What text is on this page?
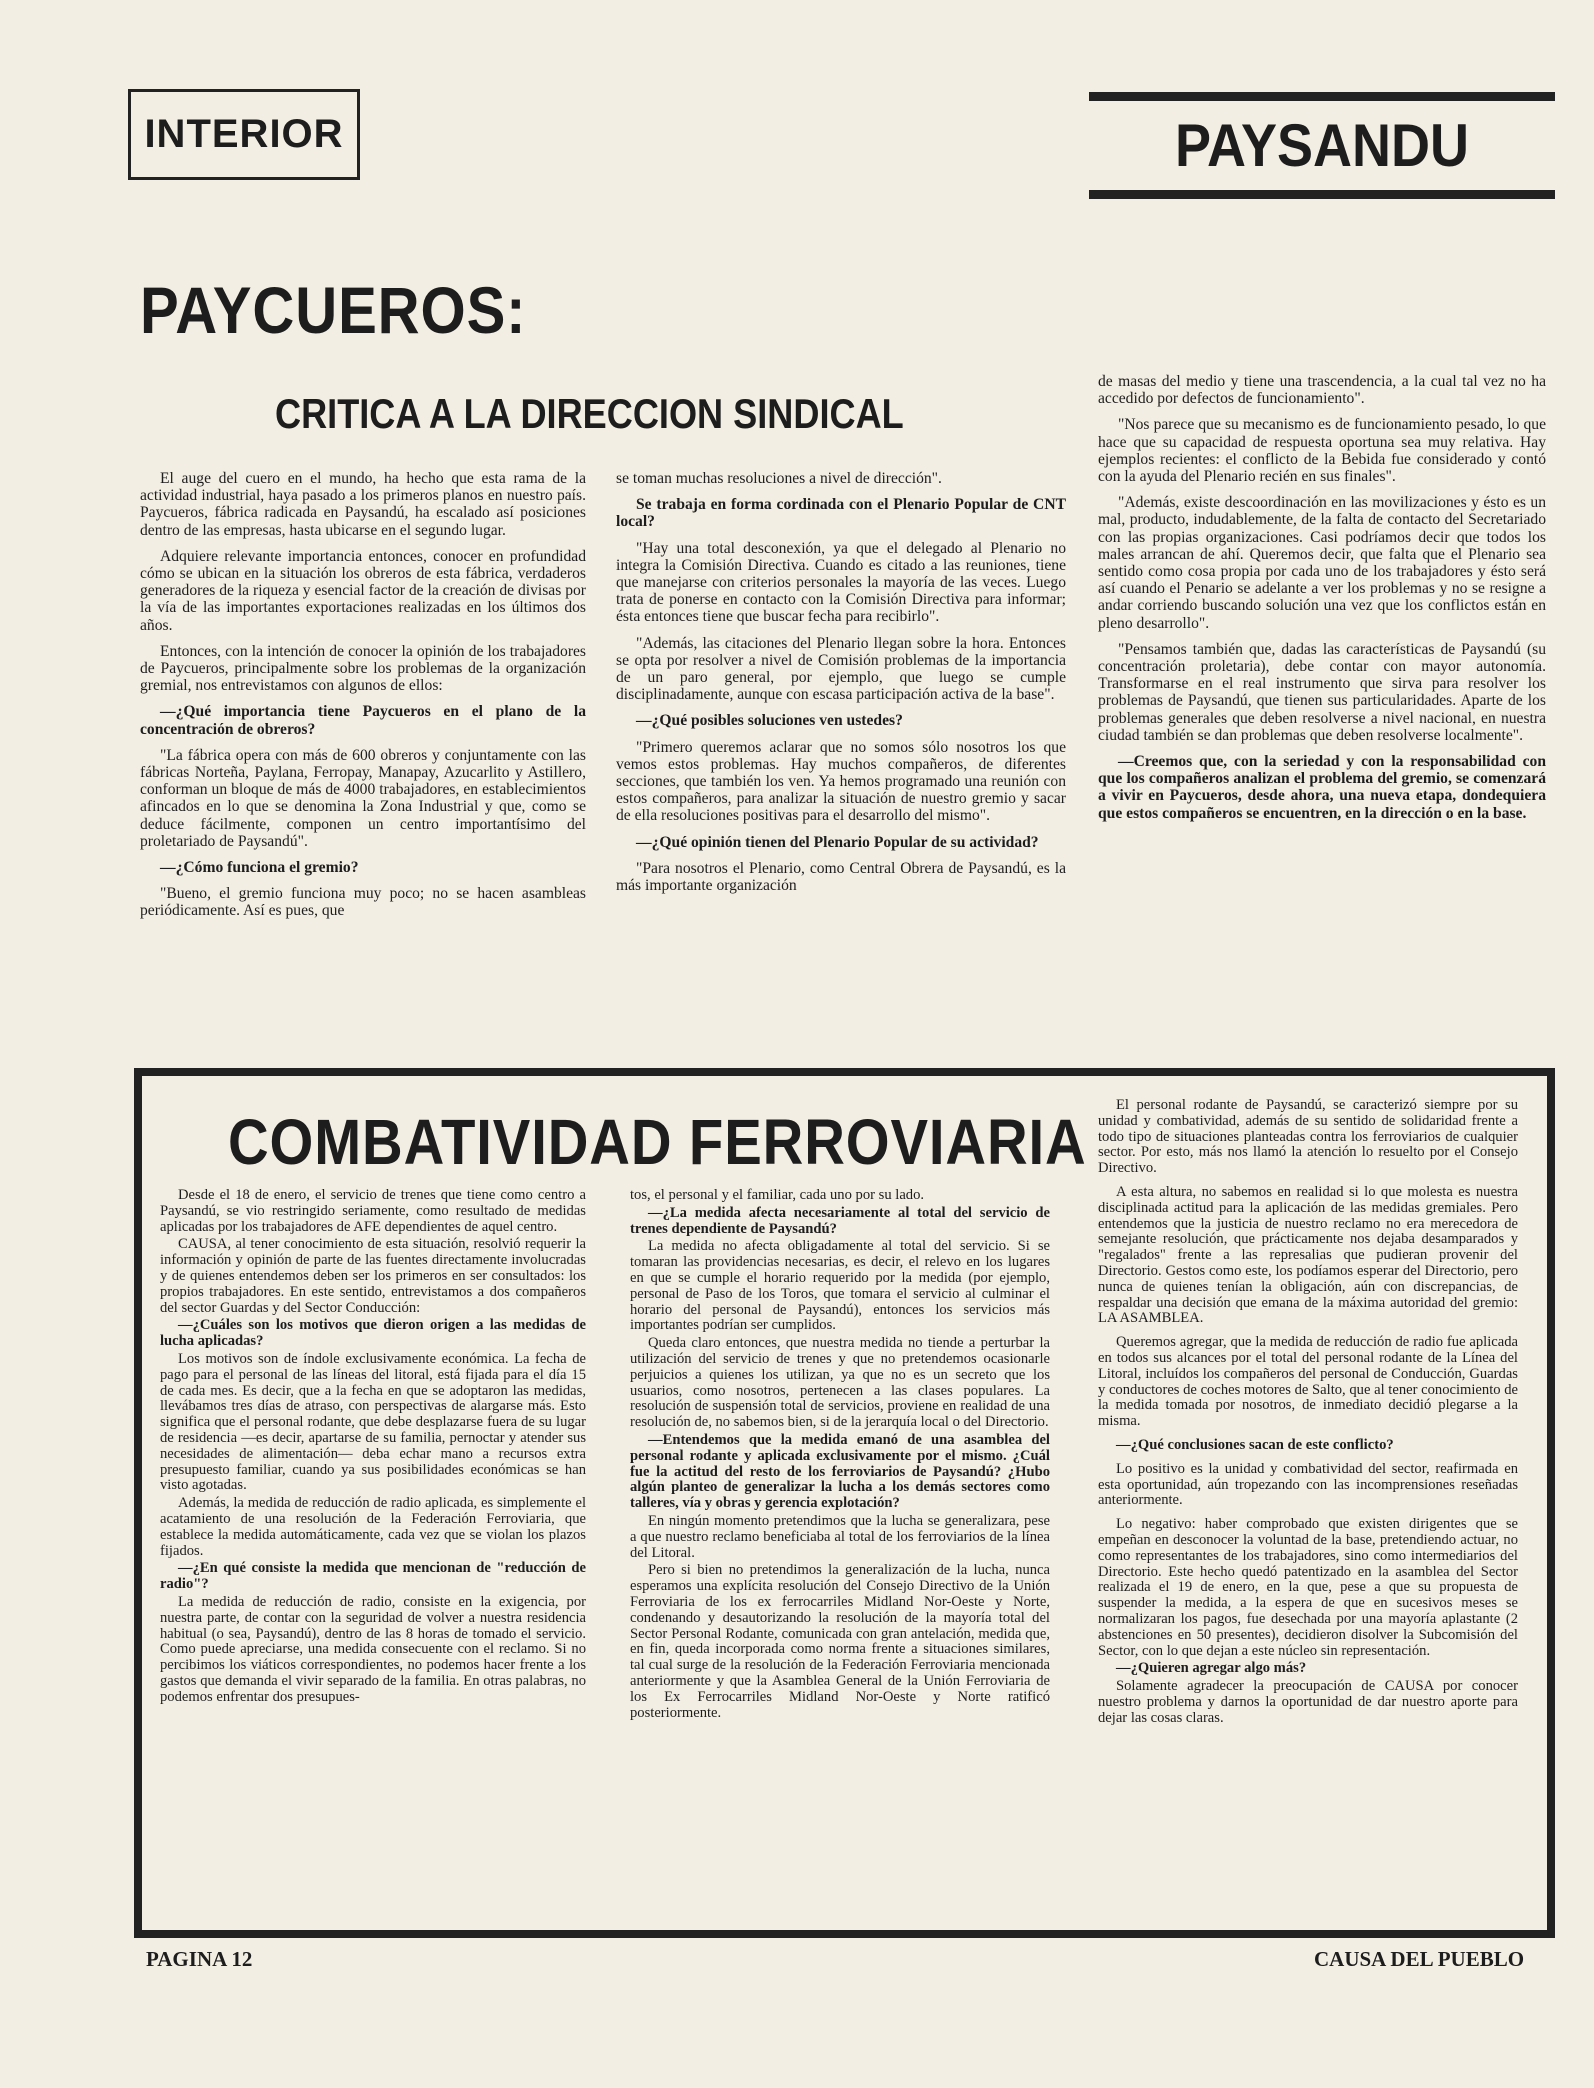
INTERIOR	PAYSANDU
PAYCUEROS:
CRITICA A LA DIRECCION SINDICAL

El auge del cuero en el mundo, ha hecho que esta rama de la actividad industrial, haya pasado a los primeros planos en nuestro país. Paycueros, fábrica radicada en Paysandú, ha escalado así posiciones dentro de las empresas, hasta ubicarse en el segundo lugar.

Adquiere relevante importancia entonces, conocer en profundidad cómo se ubican en la situación los obreros de esta fábrica, verdaderos generadores de la riqueza y esencial factor de la creación de divisas por la vía de las importantes exportaciones realizadas en los últimos dos años.

Entonces, con la intención de conocer la opinión de los trabajadores de Paycueros, principalmente sobre los problemas de la organización gremial, nos entrevistamos con algunos de ellos:

—¿Qué importancia tiene Paycueros en el plano de la concentración de obreros?

"La fábrica opera con más de 600 obreros y conjuntamente con las fábricas Norteña, Paylana, Ferropay, Manapay, Azucarlito y Astillero, conforman un bloque de más de 4000 trabajadores, en establecimientos afincados en lo que se denomina la Zona Industrial y que, como se deduce fácilmente, componen un centro importantísimo del proletariado de Paysandú".

—¿Cómo funciona el gremio?

"Bueno, el gremio funciona muy poco; no se hacen asambleas periódicamente. Así es pues, que

se toman muchas resoluciones a nivel de dirección".

Se trabaja en forma cordinada con el Plenario Popular de CNT local?

"Hay una total desconexión, ya que el delegado al Plenario no integra la Comisión Directiva. Cuando es citado a las reuniones, tiene que manejarse con criterios personales la mayoría de las veces. Luego trata de ponerse en contacto con la Comisión Directiva para informar; ésta entonces tiene que buscar fecha para recibirlo".

"Además, las citaciones del Plenario llegan sobre la hora. Entonces se opta por resolver a nivel de Comisión problemas de la importancia de un paro general, por ejemplo, que luego se cumple disciplinadamente, aunque con escasa participación activa de la base".

—¿Qué posibles soluciones ven ustedes?

"Primero queremos aclarar que no somos sólo nosotros los que vemos estos problemas. Hay muchos compañeros, de diferentes secciones, que también los ven. Ya hemos programado una reunión con estos compañeros, para analizar la situación de nuestro gremio y sacar de ella resoluciones positivas para el desarrollo del mismo".

—¿Qué opinión tienen del Plenario Popular de su actividad?

"Para nosotros el Plenario, como Central Obrera de Paysandú, es la más importante organización

de masas del medio y tiene una trascendencia, a la cual tal vez no ha accedido por defectos de funcionamiento".

"Nos parece que su mecanismo es de funcionamiento pesado, lo que hace que su capacidad de respuesta oportuna sea muy relativa. Hay ejemplos recientes: el conflicto de la Bebida fue considerado y contó con la ayuda del Plenario recién en sus finales".

"Además, existe descoordinación en las movilizaciones y ésto es un mal, producto, indudablemente, de la falta de contacto del Secretariado con las propias organizaciones. Casi podríamos decir que todos los males arrancan de ahí. Queremos decir, que falta que el Plenario sea sentido como cosa propia por cada uno de los trabajadores y ésto será así cuando el Penario se adelante a ver los problemas y no se resigne a andar corriendo buscando solución una vez que los conflictos están en pleno desarrollo".

"Pensamos también que, dadas las características de Paysandú (su concentración proletaria), debe contar con mayor autonomía. Transformarse en el real instrumento que sirva para resolver los problemas de Paysandú, que tienen sus particularidades. Aparte de los problemas generales que deben resolverse a nivel nacional, en nuestra ciudad también se dan problemas que deben resolverse localmente".

—Creemos que, con la seriedad y con la responsabilidad con que los compañeros analizan el problema del gremio, se comenzará a vivir en Paycueros, desde ahora, una nueva etapa, dondequiera que estos compañeros se encuentren, en la dirección o en la base.

COMBATIVIDAD FERROVIARIA

Desde el 18 de enero, el servicio de trenes que tiene como centro a Paysandú, se vio restringido seriamente, como resultado de medidas aplicadas por los trabajadores de AFE dependientes de aquel centro.

CAUSA, al tener conocimiento de esta situación, resolvió requerir la información y opinión de parte de las fuentes directamente involucradas y de quienes entendemos deben ser los primeros en ser consultados: los propios trabajadores. En este sentido, entrevistamos a dos compañeros del sector Guardas y del Sector Conducción:

—¿Cuáles son los motivos que dieron origen a las medidas de lucha aplicadas?

Los motivos son de índole exclusivamente económica. La fecha de pago para el personal de las líneas del litoral, está fijada para el día 15 de cada mes. Es decir, que a la fecha en que se adoptaron las medidas, llevábamos tres días de atraso, con perspectivas de alargarse más. Esto significa que el personal rodante, que debe desplazarse fuera de su lugar de residencia —es decir, apartarse de su familia, pernoctar y atender sus necesidades de alimentación— deba echar mano a recursos extra presupuesto familiar, cuando ya sus posibilidades económicas se han visto agotadas.

Además, la medida de reducción de radio aplicada, es simplemente el acatamiento de una resolución de la Federación Ferroviaria, que establece la medida automáticamente, cada vez que se violan los plazos fijados.

—¿En qué consiste la medida que mencionan de "reducción de radio"?

La medida de reducción de radio, consiste en la exigencia, por nuestra parte, de contar con la seguridad de volver a nuestra residencia habitual (o sea, Paysandú), dentro de las 8 horas de tomado el servicio. Como puede apreciarse, una medida consecuente con el reclamo. Si no percibimos los viáticos correspondientes, no podemos hacer frente a los gastos que demanda el vivir separado de la familia. En otras palabras, no podemos enfrentar dos presupues-

tos, el personal y el familiar, cada uno por su lado.

—¿La medida afecta necesariamente al total del servicio de trenes dependiente de Paysandú?

La medida no afecta obligadamente al total del servicio. Si se tomaran las providencias necesarias, es decir, el relevo en los lugares en que se cumple el horario requerido por la medida (por ejemplo, personal de Paso de los Toros, que tomara el servicio al culminar el horario del personal de Paysandú), entonces los servicios más importantes podrían ser cumplidos.

Queda claro entonces, que nuestra medida no tiende a perturbar la utilización del servicio de trenes y que no pretendemos ocasionarle perjuicios a quienes los utilizan, ya que no es un secreto que los usuarios, como nosotros, pertenecen a las clases populares. La resolución de suspensión total de servicios, proviene en realidad de una resolución de, no sabemos bien, si de la jerarquía local o del Directorio.

—Entendemos que la medida emanó de una asamblea del personal rodante y aplicada exclusivamente por el mismo. ¿Cuál fue la actitud del resto de los ferroviarios de Paysandú? ¿Hubo algún planteo de generalizar la lucha a los demás sectores como talleres, vía y obras y gerencia explotación?

En ningún momento pretendimos que la lucha se generalizara, pese a que nuestro reclamo beneficiaba al total de los ferroviarios de la línea del Litoral.

Pero si bien no pretendimos la generalización de la lucha, nunca esperamos una explícita resolución del Consejo Directivo de la Unión Ferroviaria de los ex ferrocarriles Midland Nor-Oeste y Norte, condenando y desautorizando la resolución de la mayoría total del Sector Personal Rodante, comunicada con gran antelación, medida que, en fin, queda incorporada como norma frente a situaciones similares, tal cual surge de la resolución de la Federación Ferroviaria mencionada anteriormente y que la Asamblea General de la Unión Ferroviaria de los Ex Ferrocarriles Midland Nor-Oeste y Norte ratificó posteriormente.

El personal rodante de Paysandú, se caracterizó siempre por su unidad y combatividad, además de su sentido de solidaridad frente a todo tipo de situaciones planteadas contra los ferroviarios de cualquier sector. Por esto, más nos llamó la atención lo resuelto por el Consejo Directivo.

A esta altura, no sabemos en realidad si lo que molesta es nuestra disciplinada actitud para la aplicación de las medidas gremiales. Pero entendemos que la justicia de nuestro reclamo no era merecedora de semejante resolución, que prácticamente nos dejaba desamparados y "regalados" frente a las represalias que pudieran provenir del Directorio. Gestos como este, los podíamos esperar del Directorio, pero nunca de quienes tenían la obligación, aún con discrepancias, de respaldar una decisión que emana de la máxima autoridad del gremio: LA ASAMBLEA.

Queremos agregar, que la medida de reducción de radio fue aplicada en todos sus alcances por el total del personal rodante de la Línea del Litoral, incluídos los compañeros del personal de Conducción, Guardas y conductores de coches motores de Salto, que al tener conocimiento de la medida tomada por nosotros, de inmediato decidió plegarse a la misma.

—¿Qué conclusiones sacan de este conflicto?

Lo positivo es la unidad y combatividad del sector, reafirmada en esta oportunidad, aún tropezando con las incomprensiones reseñadas anteriormente.

Lo negativo: haber comprobado que existen dirigentes que se empeñan en desconocer la voluntad de la base, pretendiendo actuar, no como representantes de los trabajadores, sino como intermediarios del Directorio. Este hecho quedó patentizado en la asamblea del Sector realizada el 19 de enero, en la que, pese a que su propuesta de suspender la medida, a la espera de que en sucesivos meses se normalizaran los pagos, fue desechada por una mayoría aplastante (2 abstenciones en 50 presentes), decidieron disolver la Subcomisión del Sector, con lo que dejan a este núcleo sin representación.

—¿Quieren agregar algo más?

Solamente agradecer la preocupación de CAUSA por conocer nuestro problema y darnos la oportunidad de dar nuestro aporte para dejar las cosas claras.

PAGINA 12	CAUSA DEL PUEBLO
